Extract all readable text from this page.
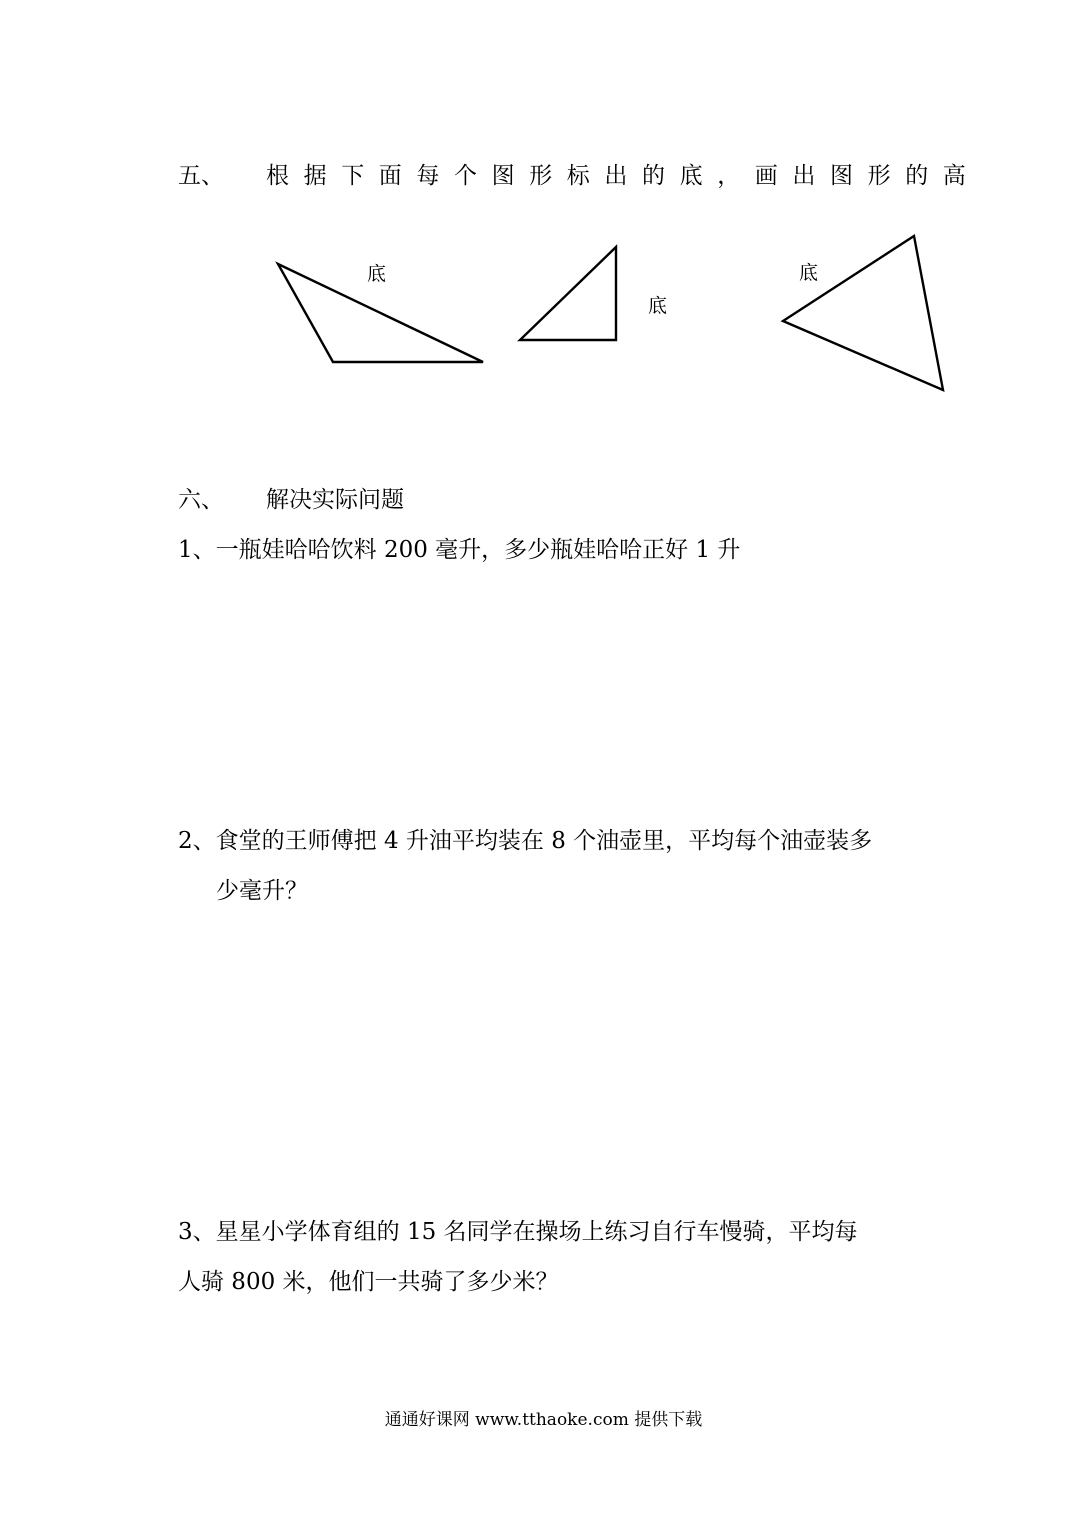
五、 根据下面每个图形标出的底，画出图形的高
底
底
底
六、 解决实际问题
1、一瓶娃哈哈饮料 200 毫升，多少瓶娃哈哈正好 1 升
2、食堂的王师傅把 4 升油平均装在 8 个油壶里，平均每个油壶装多
少毫升？
3、星星小学体育组的 15 名同学在操场上练习自行车慢骑，平均每
人骑 800 米，他们一共骑了多少米？
通通好课网 www.tthaoke.com 提供下载
